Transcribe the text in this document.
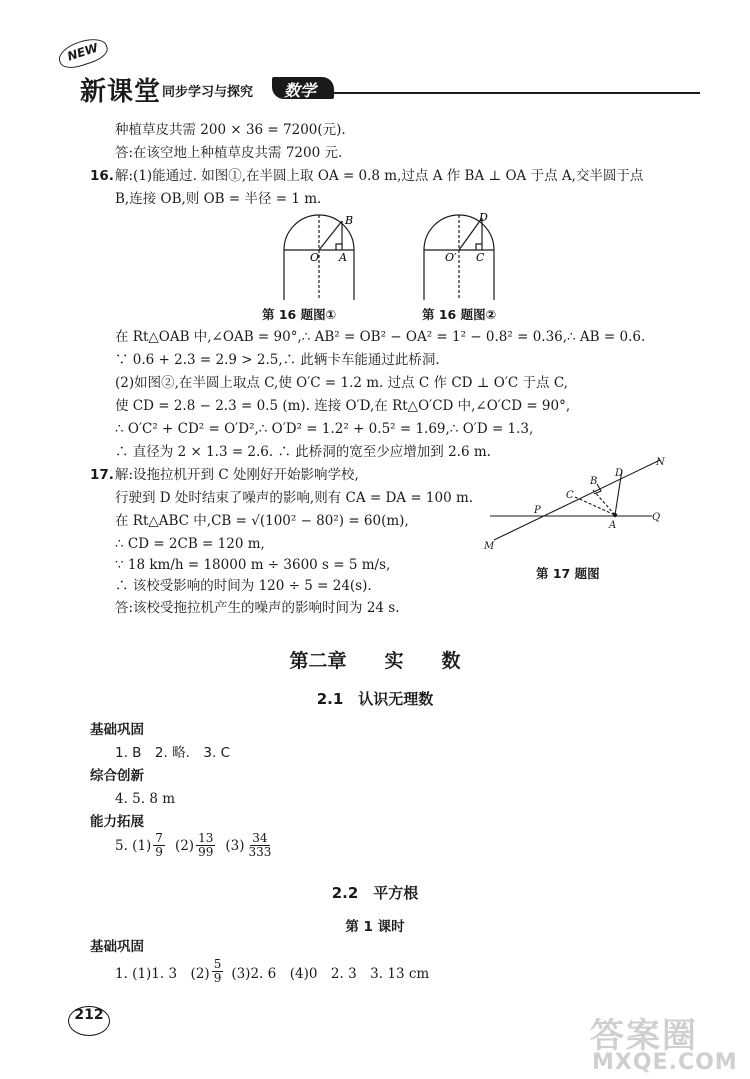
NEW
新课堂 同步学习与探究 数学
种植草皮共需 200 × 36 = 7200(元).
答:在该空地上种植草皮共需 7200 元.
16. 解:(1)能通过. 如图①,在半圆上取 OA = 0.8 m,过点 A 作 BA ⊥ OA 于点 A,交半圆于点
B,连接 OB,则 OB = 半径 = 1 m.
B
O A
D
O′ C
第 16 题图①	第 16 题图②
在 Rt△OAB 中,∠OAB = 90°,∴ AB² = OB² − OA² = 1² − 0.8² = 0.36,∴ AB = 0.6.
∵ 0.6 + 2.3 = 2.9 > 2.5,∴ 此辆卡车能通过此桥洞.
(2)如图②,在半圆上取点 C,使 O′C = 1.2 m. 过点 C 作 CD ⊥ O′C 于点 C,
使 CD = 2.8 − 2.3 = 0.5 (m). 连接 O′D,在 Rt△O′CD 中,∠O′CD = 90°,
∴ O′C² + CD² = O′D²,∴ O′D² = 1.2² + 0.5² = 1.69,∴ O′D = 1.3,
∴ 直径为 2 × 1.3 = 2.6. ∴ 此桥洞的宽至少应增加到 2.6 m.
17. 解:设拖拉机开到 C 处刚好开始影响学校,
行驶到 D 处时结束了噪声的影响,则有 CA = DA = 100 m.
在 Rt△ABC 中,CB = √(100² − 80²) = 60(m),
∴ CD = 2CB = 120 m,
∵ 18 km/h = 18000 m ÷ 3600 s = 5 m/s,
∴ 该校受影响的时间为 120 ÷ 5 = 24(s).
答:该校受拖拉机产生的噪声的影响时间为 24 s.
N
D
B
C
P
A
Q
M
第 17 题图
第二章　　实　　数
2.1　认识无理数
基础巩固
1. B　2. 略.　3. C
综合创新
4. 5. 8 m
能力拓展
5. $(1) \frac{7}{9} (2) \frac{13}{99} (3) \frac{34}{333}$
2.2　平方根
第 1 课时
基础巩固
1. (1)1. 3　$(2) \frac{5}{9} (3)2$. 6　(4)0　2. 3　3. 13 cm
212
答案圈
MXQE.COM
